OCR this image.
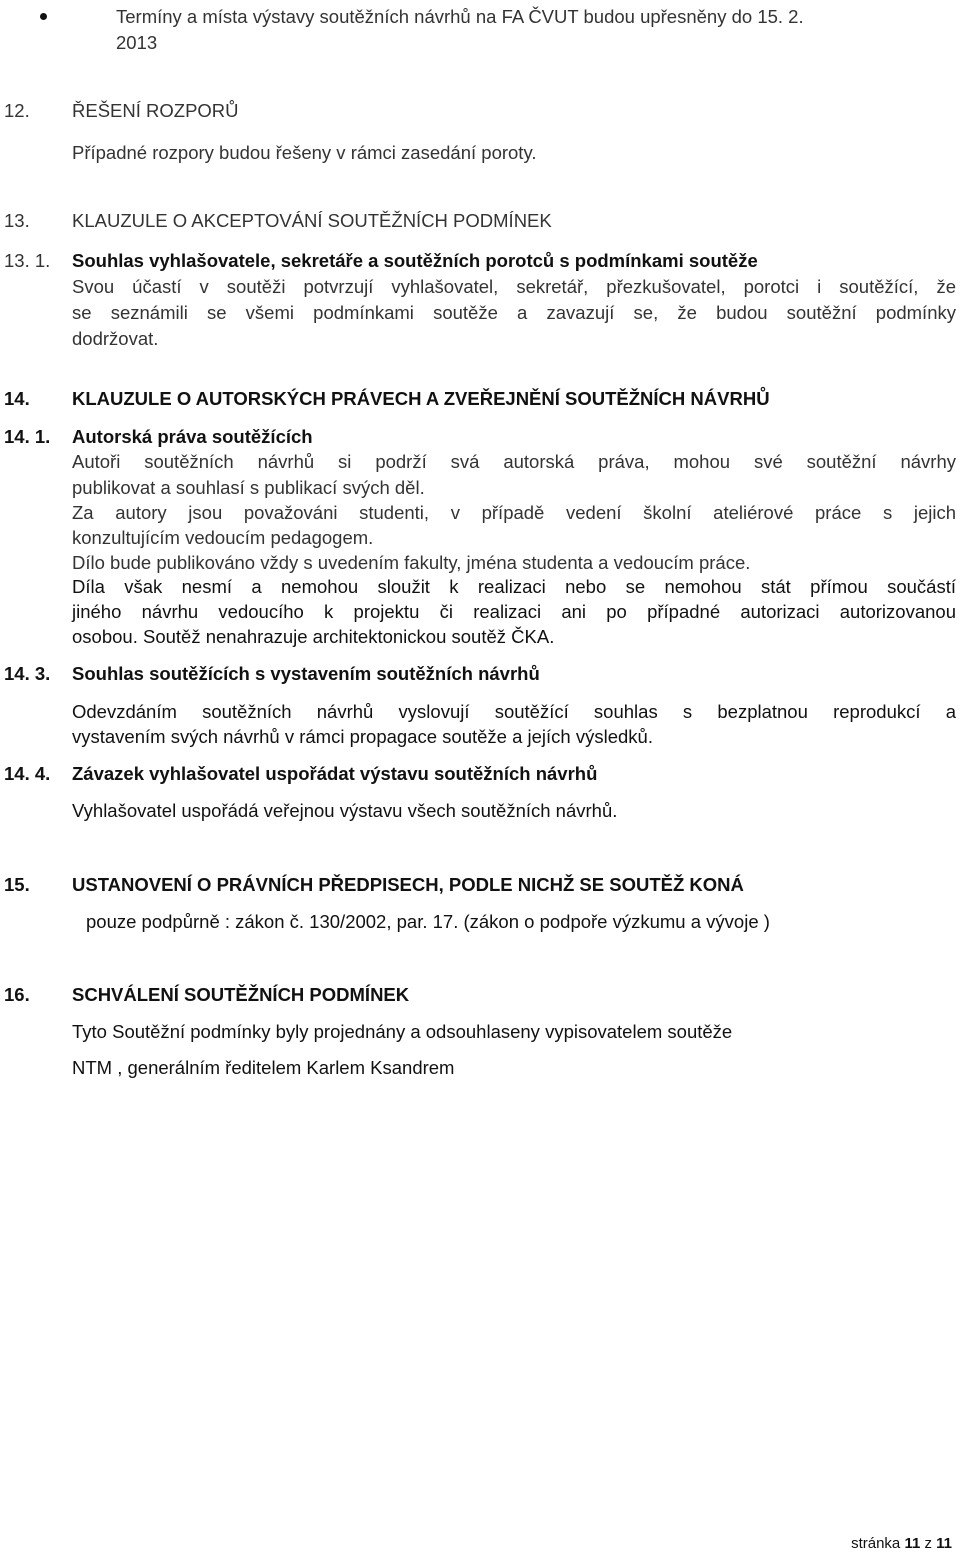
Termíny a místa výstavy soutěžních návrhů na FA ČVUT budou upřesněny do 15. 2.
2013
12. ŘEŠENÍ ROZPORŮ
Případné rozpory budou řešeny v rámci zasedání poroty.
13. KLAUZULE O AKCEPTOVÁNÍ SOUTĚŽNÍCH PODMÍNEK
13. 1. Souhlas vyhlašovatele, sekretáře a soutěžních porotců s podmínkami soutěže
Svou účastí v soutěži potvrzují vyhlašovatel, sekretář, přezkušovatel, porotci i soutěžící, že
se seznámili se všemi podmínkami soutěže a zavazují se, že budou soutěžní podmínky
dodržovat.
14. KLAUZULE O AUTORSKÝCH PRÁVECH A ZVEŘEJNĚNÍ SOUTĚŽNÍCH NÁVRHŮ
14. 1. Autorská práva soutěžících
Autoři soutěžních návrhů si podrží svá autorská práva, mohou své soutěžní návrhy
publikovat a souhlasí s publikací svých děl.
Za autory jsou považováni studenti, v případě vedení školní ateliérové práce s jejich
konzultujícím vedoucím pedagogem.
Dílo bude publikováno vždy s uvedením fakulty, jména studenta a vedoucím práce.
Díla však nesmí a nemohou sloužit k realizaci nebo se nemohou stát přímou součástí
jiného návrhu vedoucího k projektu či realizaci ani po případné autorizaci autorizovanou
osobou. Soutěž nenahrazuje architektonickou soutěž ČKA.
14. 3. Souhlas soutěžících s vystavením soutěžních návrhů
Odevzdáním soutěžních návrhů vyslovují soutěžící souhlas s bezplatnou reprodukcí a
vystavením svých návrhů v rámci propagace soutěže a jejích výsledků.
14. 4. Závazek vyhlašovatel uspořádat výstavu soutěžních návrhů
Vyhlašovatel uspořádá veřejnou výstavu všech soutěžních návrhů.
15. USTANOVENÍ O PRÁVNÍCH PŘEDPISECH, PODLE NICHŽ SE SOUTĚŽ KONÁ
pouze podpůrně : zákon č. 130/2002, par. 17. (zákon o podpoře výzkumu a vývoje )
16. SCHVÁLENÍ SOUTĚŽNÍCH PODMÍNEK
Tyto Soutěžní podmínky byly projednány a odsouhlaseny vypisovatelem soutěže
NTM , generálním ředitelem Karlem Ksandrem
stránka 11 z 11
